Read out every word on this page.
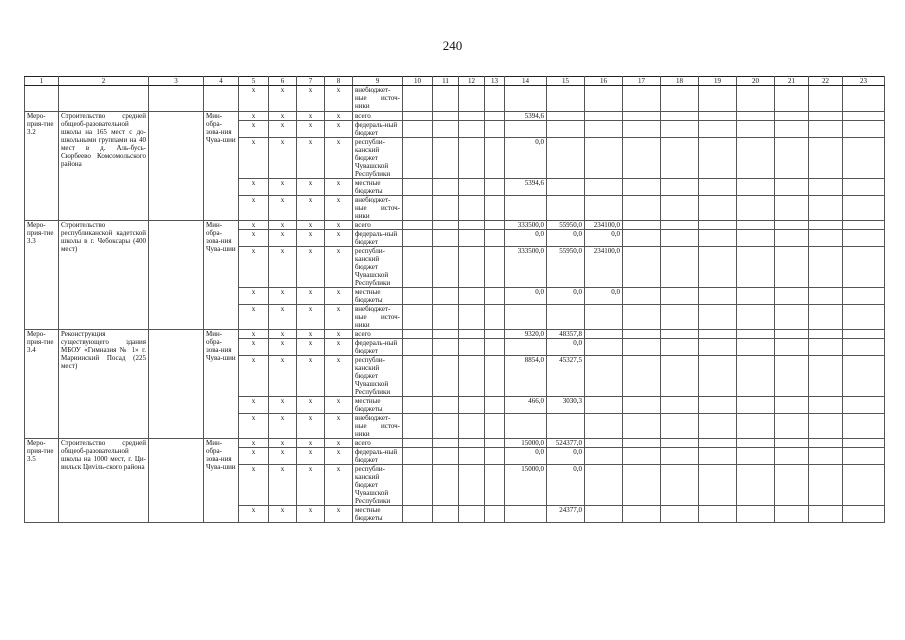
240
1	2	3	4	5	6	7	8	9	10	11	12	13	14	15	16	17	18	19	20	21	22	23
				x	x	x	x	внебюджет-ные источ-ники														
Меро-прия-тие 3.2	Строительство средней общеоб-разовательной школы на 165 мест с до-школьными группами на 40 мест в д. Аль-бусь-Сюрбеево Комсомольского района		Мин-обра-зова-ния Чува-шии	x	x	x	x	всего					5394,6									
				x	x	x	x	федераль-ный бюджет														
				x	x	x	x	республи-канский бюджет Чувашской Республики					0,0									
				x	x	x	x	местные бюджеты					5394,6									
				x	x	x	x	внебюджет-ные источ-ники														
Меро-прия-тие 3.3	Строительство республиканской кадетской школы в г. Чебоксары (400 мест)		Мин-обра-зова-ния Чува-шии	x	x	x	x	всего					333500,0	55950,0	234100,0							
				x	x	x	x	федераль-ный бюджет					0,0	0,0	0,0							
				x	x	x	x	республи-канский бюджет Чувашской Республики					333500,0	55950,0	234100,0							
				x	x	x	x	местные бюджеты					0,0	0,0	0,0							
				x	x	x	x	внебюджет-ные источ-ники														
Меро-прия-тие 3.4	Реконструкция существующего здания МБОУ «Гимназия № 1» г. Мариинский Посад (225 мест)		Мин-обра-зова-ния Чува-шии	x	x	x	x	всего					9320,0	48357,8								
				x	x	x	x	федераль-ный бюджет						0,0								
				x	x	x	x	республи-канский бюджет Чувашской Республики					8854,0	45327,5								
				x	x	x	x	местные бюджеты					466,0	3030,3								
				x	x	x	x	внебюджет-ные источ-ники														
Меро-прия-тие 3.5	Строительство средней общеоб-разовательной школы на 1000 мест, г. Ци-вильск Циviль-ского района		Мин-обра-зова-ния Чува-шии	x	x	x	x	всего					15000,0	524377,0								
				x	x	x	x	федераль-ный бюджет					0,0	0,0								
				x	x	x	x	республи-канский бюджет Чувашской Республики					15000,0	0,0								
				x	x	x	x	местные бюджеты						24377,0								
